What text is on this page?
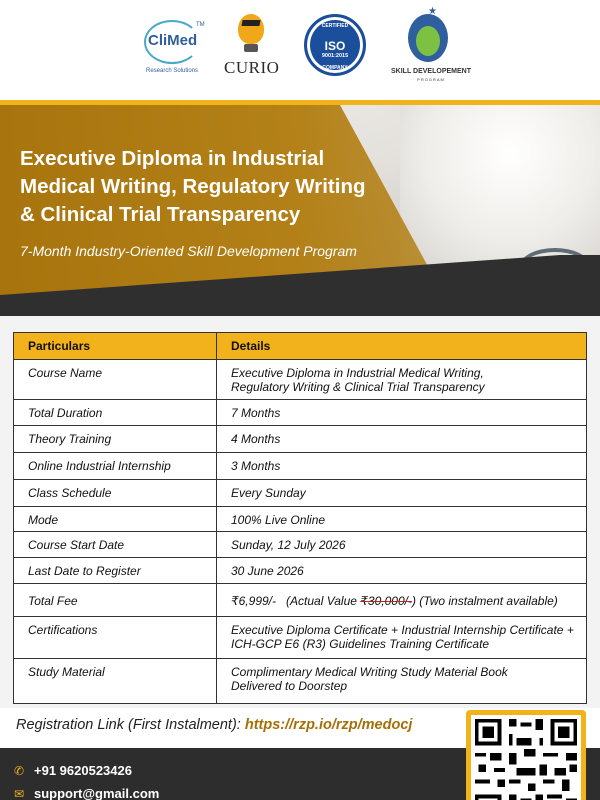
CliMed
TM
Research Solutions CURIO
CERTIFIED
ISO
9001:2015
COMPANY
★
SKILL DEVELOPEMENT
PROGRAM
Executive Diploma in Industrial Medical Writing, Regulatory Writing & Clinical Trial Transparency
7-Month Industry-Oriented Skill Development Program
Particulars	Details
Course Name	Executive Diploma in Industrial Medical Writing,
Regulatory Writing & Clinical Trial Transparency
Total Duration	7 Months
Theory Training	4 Months
Online Industrial Internship	3 Months
Class Schedule	Every Sunday
Mode	100% Live Online
Course Start Date	Sunday, 12 July 2026
Last Date to Register	30 June 2026
Total Fee	₹6,999/- (Actual Value ₹30,000/-) (Two instalment available)
Certifications	Executive Diploma Certificate + Industrial Internship Certificate +
ICH-GCP E6 (R3) Guidelines Training Certificate
Study Material	Complimentary Medical Writing Study Material Book
Delivered to Doorstep
Registration Link (First Instalment): https://rzp.io/rzp/medocj
✆ +91 9620523426
✉ support@gmail.com
